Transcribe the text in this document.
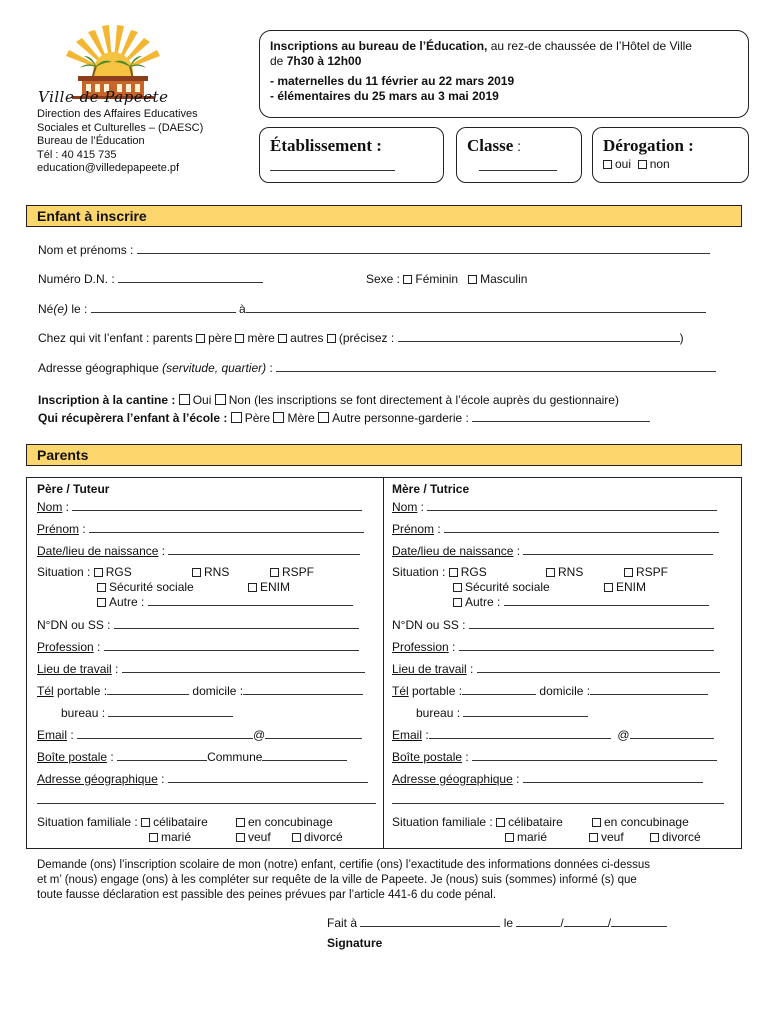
Ville de Papeete
Direction des Affaires Educatives
Sociales et Culturelles – (DAESC)
Bureau de l’Éducation
Tél : 40 415 735
education@villedepapeete.pf
Inscriptions au bureau de l’Éducation, au rez-de chaussée de l’Hôtel de Ville
de 7h30 à 12h00
- maternelles du 11 février au 22 mars 2019
- élémentaires du 25 mars au 3 mai 2019
Établissement :	Classe :	Dérogation :
oui non
Enfant à inscrire
Nom et prénoms :
Numéro D.N. :	Sexe : Féminin Masculin
Né(e) le :	à
Chez qui vit l’enfant : parents père mère autres (précisez :	)
Adresse géographique (servitude, quartier) :
Inscription à la cantine : Oui Non (les inscriptions se font directement à l’école auprès du gestionnaire)
Qui récupèrera l’enfant à l’école : Père Mère Autre personne-garderie :
Parents
Père / Tuteur
Nom :
Prénom :
Date/lieu de naissance :
Situation : RGS	RNS	RSPF
Sécurité sociale	ENIM
Autre :
N°DN ou SS :
Profession :
Lieu de travail :
Tél portable :	domicile :
bureau :
Email :	@
Boîte postale :	Commune
Adresse géographique :
Situation familiale : célibataire	en concubinage
marié	veuf	divorcé
Mère / Tutrice
Nom :
Prénom :
Date/lieu de naissance :
Situation : RGS	RNS	RSPF
Sécurité sociale	ENIM
Autre :
N°DN ou SS :
Profession :
Lieu de travail :
Tél portable :	domicile :
bureau :
Email :	@
Boîte postale :
Adresse géographique :
Situation familiale : célibataire	en concubinage
marié	veuf	divorcé
Demande (ons) l’inscription scolaire de mon (notre) enfant, certifie (ons) l’exactitude des informations données ci-dessus
et m’ (nous) engage (ons) à les compléter sur requête de la ville de Papeete. Je (nous) suis (sommes) informé (s) que
toute fausse déclaration est passible des peines prévues par l’article 441-6 du code pénal.
Fait à	le	/	/
Signature
